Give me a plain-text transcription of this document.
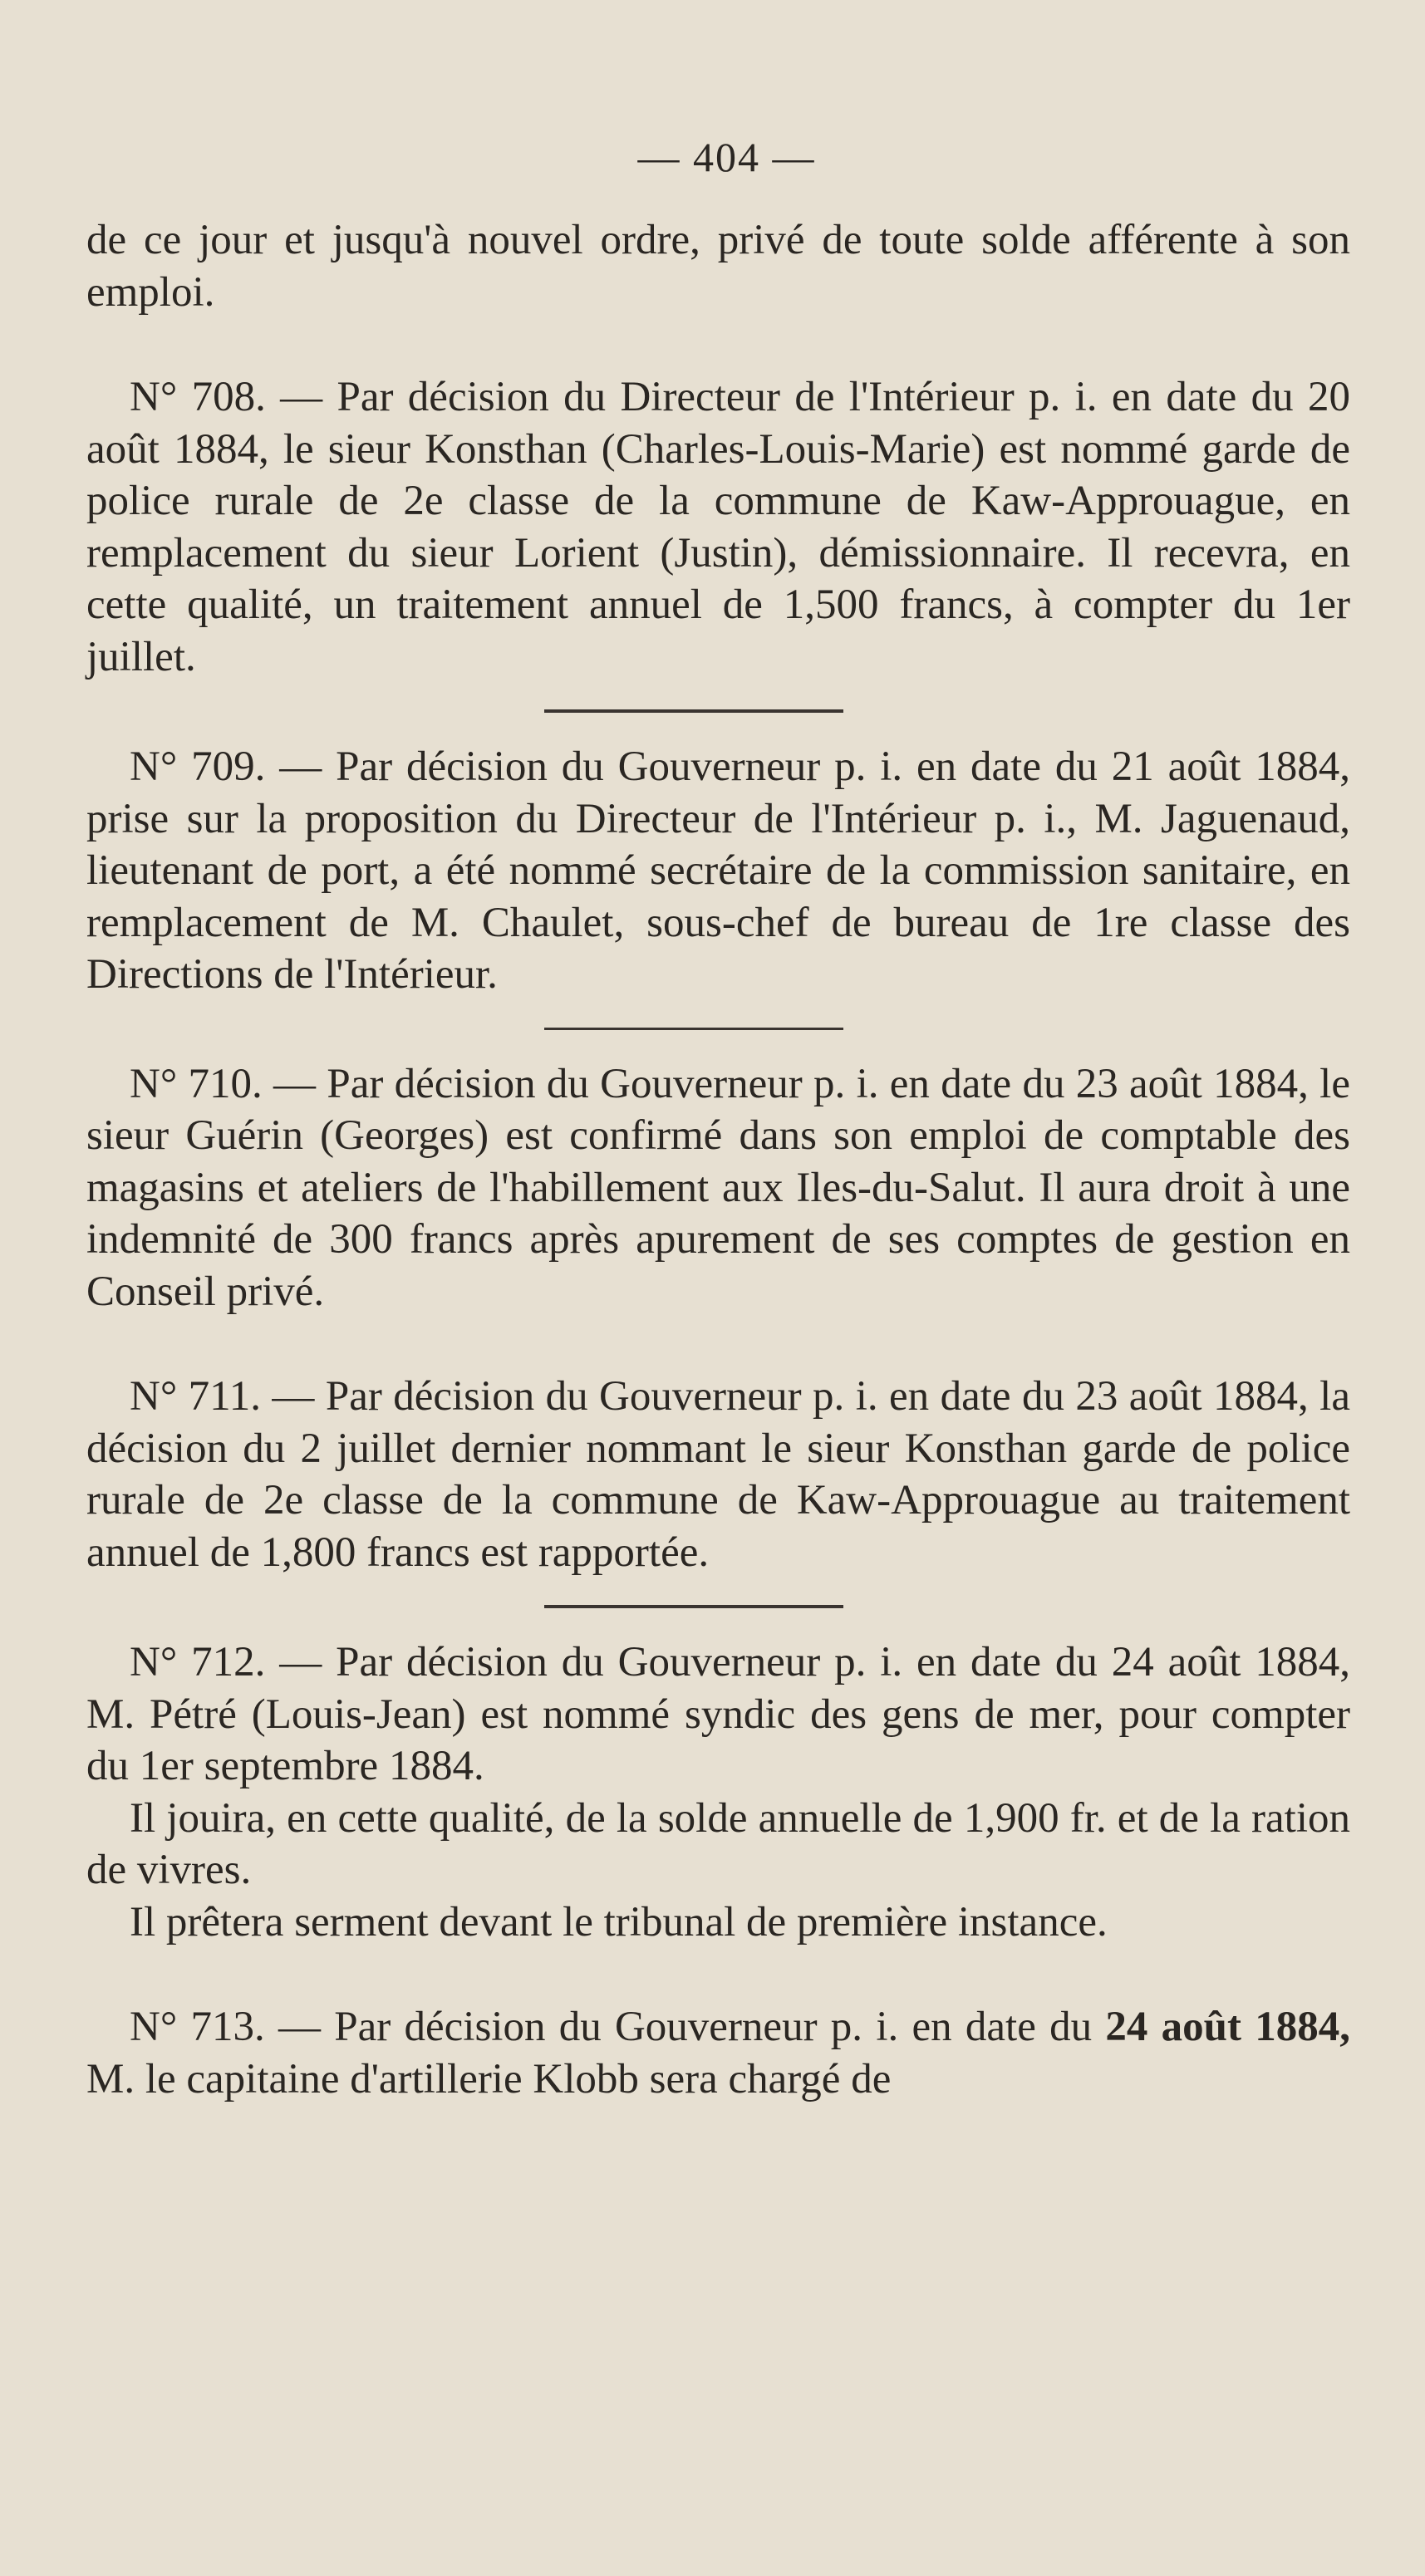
— 404 —

de ce jour et jusqu'à nouvel ordre, privé de toute solde afférente à son emploi.

N° 708. — Par décision du Directeur de l'Intérieur p. i. en date du 20 août 1884, le sieur Konsthan (Charles-Louis-Marie) est nommé garde de police rurale de 2e classe de la commune de Kaw-Approuague, en remplacement du sieur Lorient (Justin), démissionnaire. Il recevra, en cette qualité, un traitement annuel de 1,500 francs, à compter du 1er juillet.

N° 709. — Par décision du Gouverneur p. i. en date du 21 août 1884, prise sur la proposition du Directeur de l'Intérieur p. i., M. Jaguenaud, lieutenant de port, a été nommé secrétaire de la commission sanitaire, en remplacement de M. Chaulet, sous-chef de bureau de 1re classe des Directions de l'Intérieur.

N° 710. — Par décision du Gouverneur p. i. en date du 23 août 1884, le sieur Guérin (Georges) est confirmé dans son emploi de comptable des magasins et ateliers de l'habillement aux Iles-du-Salut. Il aura droit à une indemnité de 300 francs après apurement de ses comptes de gestion en Conseil privé.

N° 711. — Par décision du Gouverneur p. i. en date du 23 août 1884, la décision du 2 juillet dernier nommant le sieur Konsthan garde de police rurale de 2e classe de la commune de Kaw-Approuague au traitement annuel de 1,800 francs est rapportée.

N° 712. — Par décision du Gouverneur p. i. en date du 24 août 1884, M. Pétré (Louis-Jean) est nommé syndic des gens de mer, pour compter du 1er septembre 1884.

Il jouira, en cette qualité, de la solde annuelle de 1,900 fr. et de la ration de vivres.

Il prêtera serment devant le tribunal de première instance.

N° 713. — Par décision du Gouverneur p. i. en date du 24 août 1884, M. le capitaine d'artillerie Klobb sera chargé de
